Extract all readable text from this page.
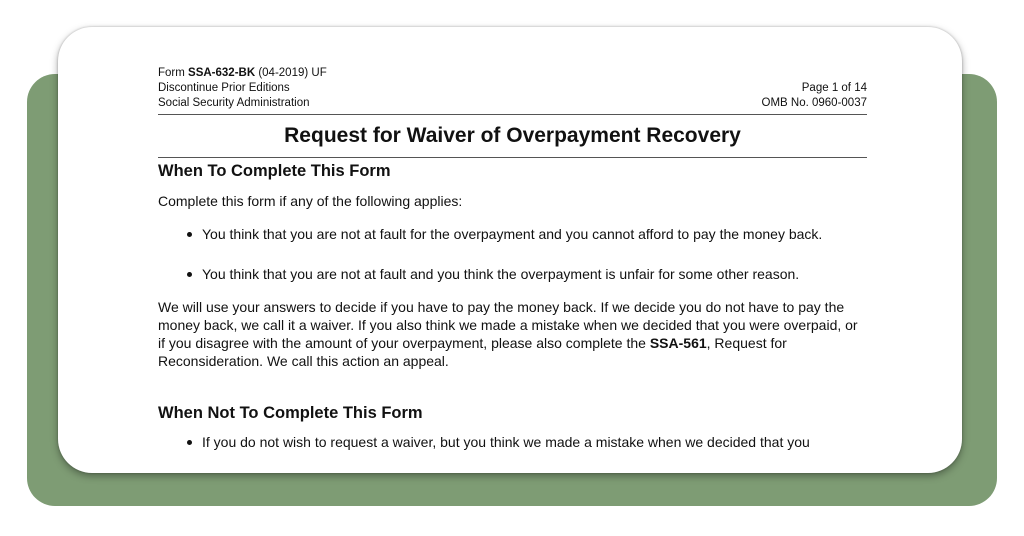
Form SSA-632-BK (04-2019) UF
Discontinue Prior Editions
Social Security Administration
Page 1 of 14
OMB No. 0960-0037
Request for Waiver of Overpayment Recovery
When To Complete This Form

Complete this form if any of the following applies:

You think that you are not at fault for the overpayment and you cannot afford to pay the money back.
You think that you are not at fault and you think the overpayment is unfair for some other reason.

We will use your answers to decide if you have to pay the money back. If we decide you do not have to pay the money back, we call it a waiver. If you also think we made a mistake when we decided that you were overpaid, or if you disagree with the amount of your overpayment, please also complete the SSA-561, Request for Reconsideration. We call this action an appeal.

When Not To Complete This Form
If you do not wish to request a waiver, but you think we made a mistake when we decided that you
